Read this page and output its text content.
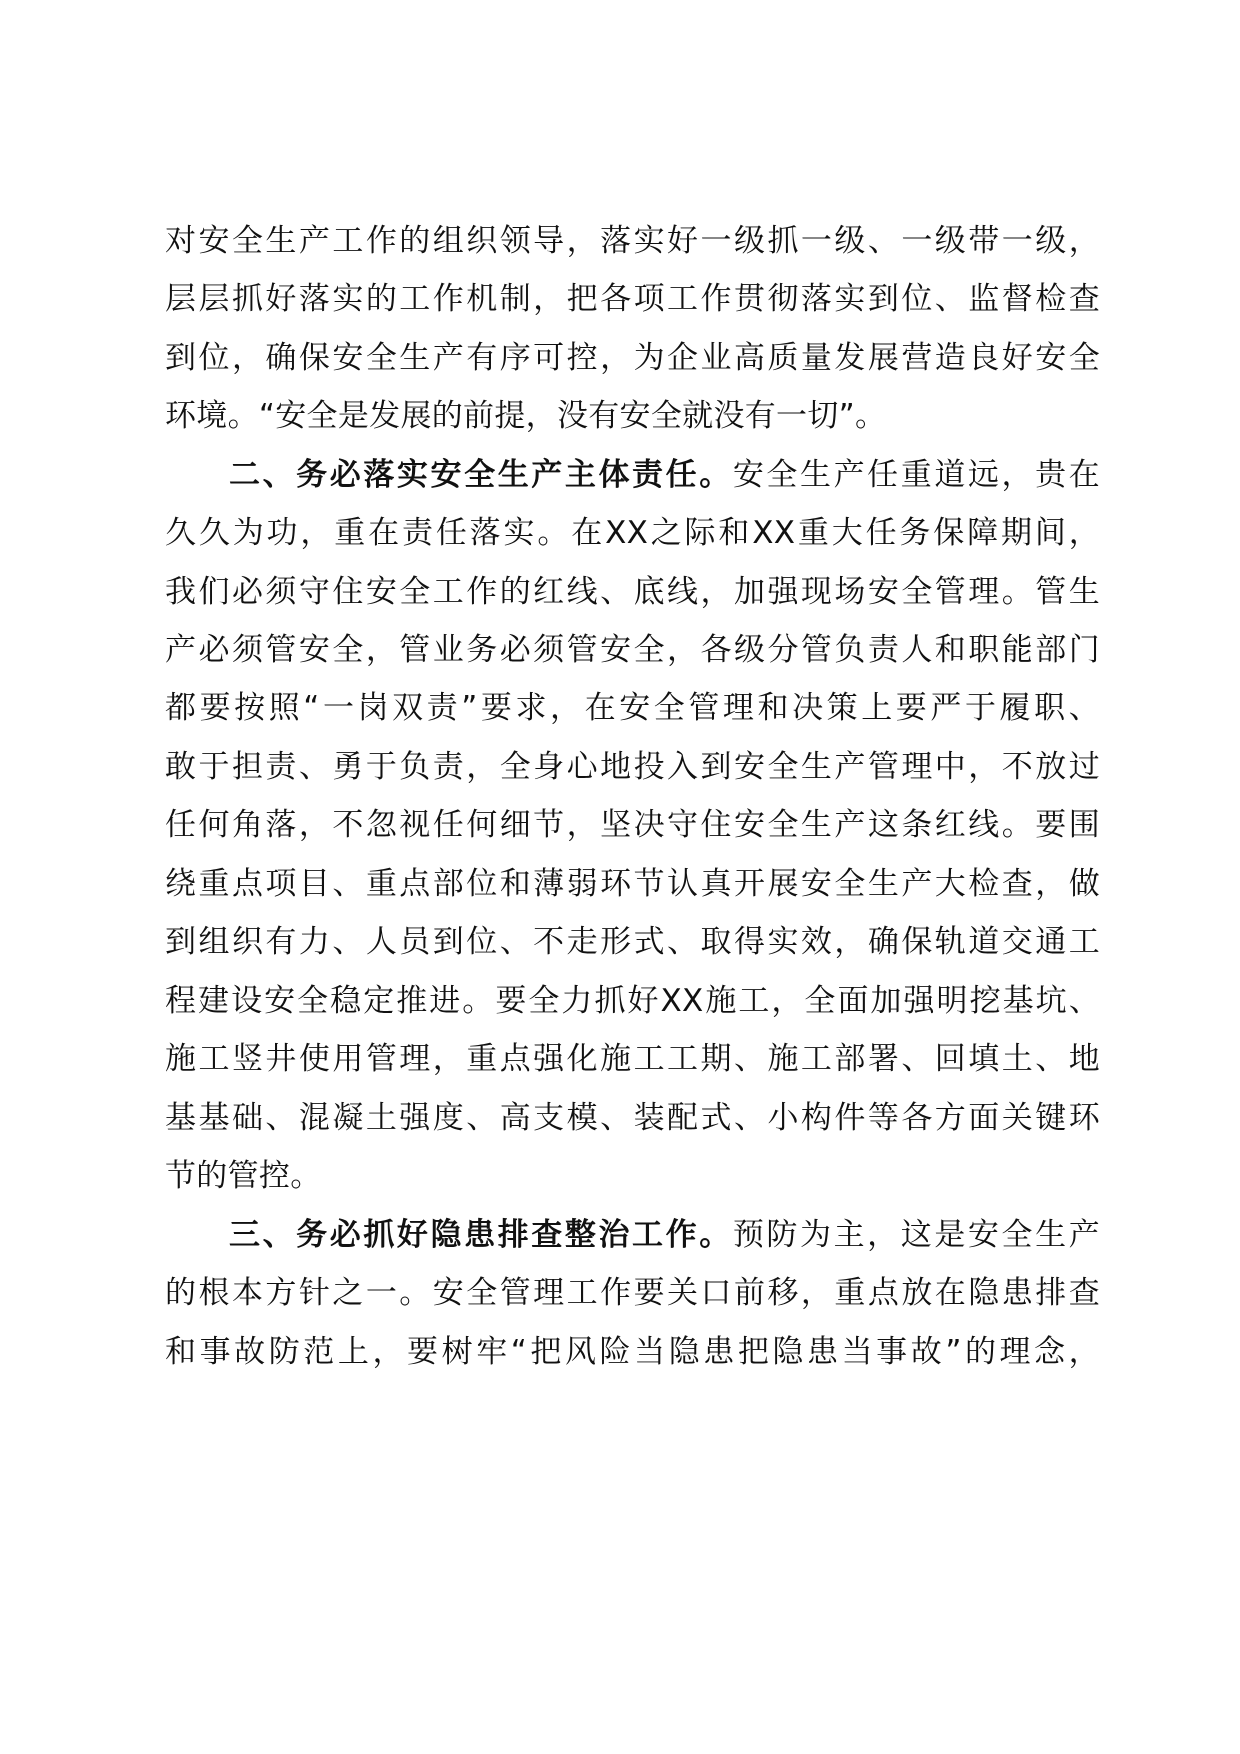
对安全生产工作的组织领导，落实好一级抓一级、一级带一级，
层层抓好落实的工作机制，把各项工作贯彻落实到位、监督检查
到位，确保安全生产有序可控，为企业高质量发展营造良好安全
环境。“安全是发展的前提，没有安全就没有一切”。
二、务必落实安全生产主体责任。安全生产任重道远，贵在
久久为功，重在责任落实。在XX之际和XX重大任务保障期间，
我们必须守住安全工作的红线、底线，加强现场安全管理。管生
产必须管安全，管业务必须管安全，各级分管负责人和职能部门
都要按照“一岗双责”要求，在安全管理和决策上要严于履职、
敢于担责、勇于负责，全身心地投入到安全生产管理中，不放过
任何角落，不忽视任何细节，坚决守住安全生产这条红线。要围
绕重点项目、重点部位和薄弱环节认真开展安全生产大检查，做
到组织有力、人员到位、不走形式、取得实效，确保轨道交通工
程建设安全稳定推进。要全力抓好XX施工，全面加强明挖基坑、
施工竖井使用管理，重点强化施工工期、施工部署、回填土、地
基基础、混凝土强度、高支模、装配式、小构件等各方面关键环
节的管控。
三、务必抓好隐患排查整治工作。预防为主，这是安全生产
的根本方针之一。安全管理工作要关口前移，重点放在隐患排查
和事故防范上，要树牢“把风险当隐患把隐患当事故”的理念，
